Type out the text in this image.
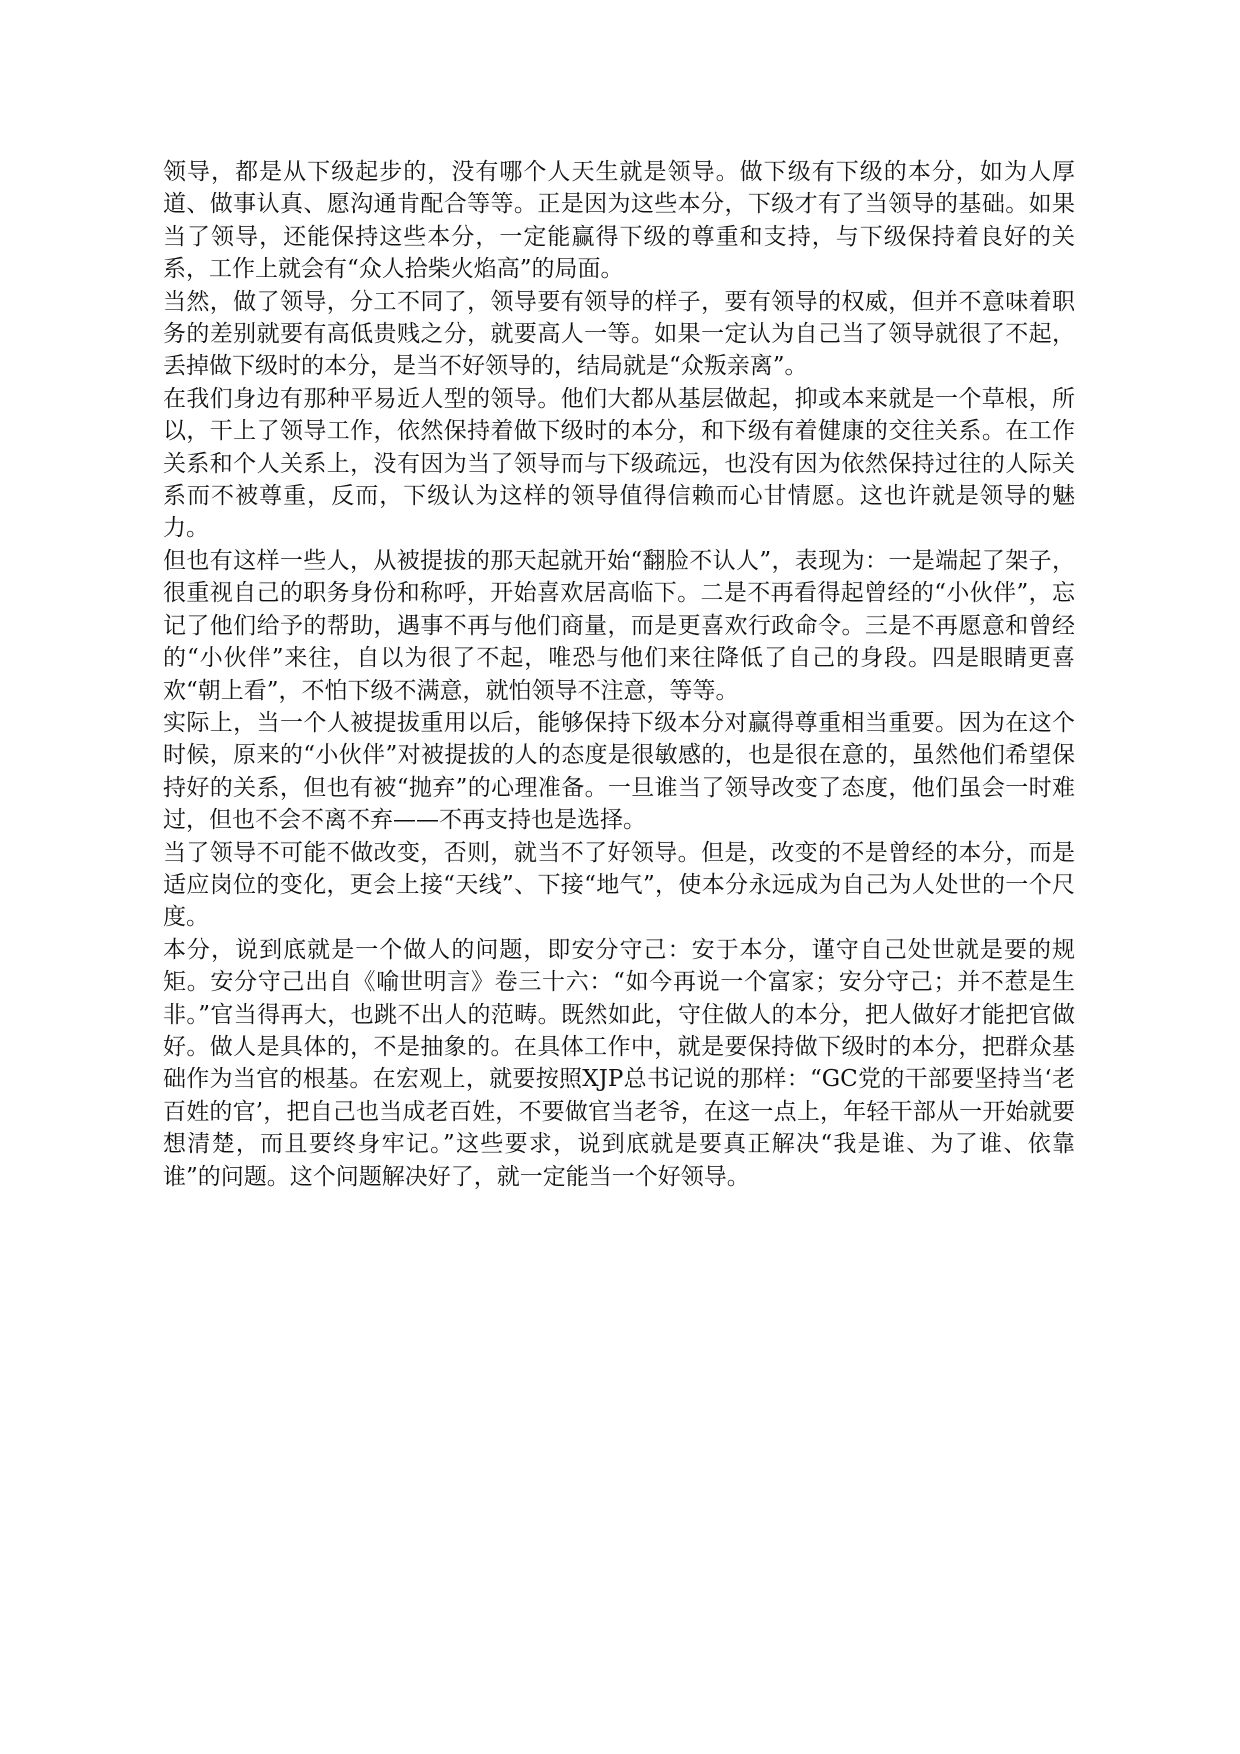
领导，都是从下级起步的，没有哪个人天生就是领导。做下级有下级的本分，如为人厚道、做事认真、愿沟通肯配合等等。正是因为这些本分，下级才有了当领导的基础。如果当了领导，还能保持这些本分，一定能赢得下级的尊重和支持，与下级保持着良好的关系，工作上就会有“众人拾柴火焰高”的局面。

当然，做了领导，分工不同了，领导要有领导的样子，要有领导的权威，但并不意味着职务的差别就要有高低贵贱之分，就要高人一等。如果一定认为自己当了领导就很了不起，丢掉做下级时的本分，是当不好领导的，结局就是“众叛亲离”。

在我们身边有那种平易近人型的领导。他们大都从基层做起，抑或本来就是一个草根，所以，干上了领导工作，依然保持着做下级时的本分，和下级有着健康的交往关系。在工作关系和个人关系上，没有因为当了领导而与下级疏远，也没有因为依然保持过往的人际关系而不被尊重，反而，下级认为这样的领导值得信赖而心甘情愿。这也许就是领导的魅力。

但也有这样一些人，从被提拔的那天起就开始“翻脸不认人”，表现为：一是端起了架子，很重视自己的职务身份和称呼，开始喜欢居高临下。二是不再看得起曾经的“小伙伴”，忘记了他们给予的帮助，遇事不再与他们商量，而是更喜欢行政命令。三是不再愿意和曾经的“小伙伴”来往，自以为很了不起，唯恐与他们来往降低了自己的身段。四是眼睛更喜欢“朝上看”，不怕下级不满意，就怕领导不注意，等等。

实际上，当一个人被提拔重用以后，能够保持下级本分对赢得尊重相当重要。因为在这个时候，原来的“小伙伴”对被提拔的人的态度是很敏感的，也是很在意的，虽然他们希望保持好的关系，但也有被“抛弃”的心理准备。一旦谁当了领导改变了态度，他们虽会一时难过，但也不会不离不弃——不再支持也是选择。

当了领导不可能不做改变，否则，就当不了好领导。但是，改变的不是曾经的本分，而是适应岗位的变化，更会上接“天线”、下接“地气”，使本分永远成为自己为人处世的一个尺度。

本分，说到底就是一个做人的问题，即安分守己：安于本分，谨守自己处世就是要的规矩。安分守己出自《喻世明言》卷三十六：“如今再说一个富家；安分守己；并不惹是生非。”官当得再大，也跳不出人的范畴。既然如此，守住做人的本分，把人做好才能把官做好。做人是具体的，不是抽象的。在具体工作中，就是要保持做下级时的本分，把群众基础作为当官的根基。在宏观上，就要按照XJP总书记说的那样：“GC党的干部要坚持当‘老百姓的官’，把自己也当成老百姓，不要做官当老爷，在这一点上，年轻干部从一开始就要想清楚，而且要终身牢记。”这些要求，说到底就是要真正解决“我是谁、为了谁、依靠谁”的问题。这个问题解决好了，就一定能当一个好领导。
